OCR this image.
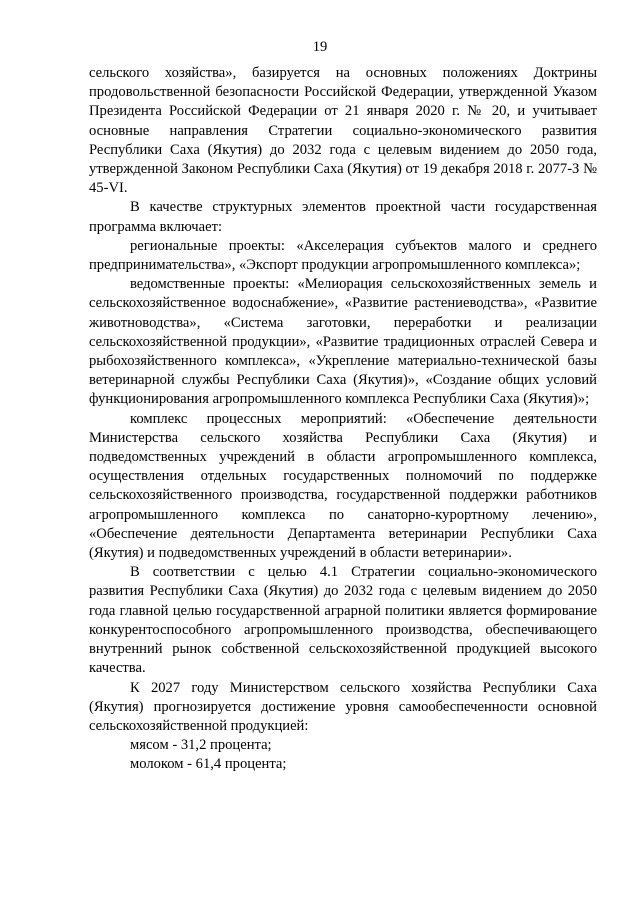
19

сельского хозяйства», базируется на основных положениях Доктрины продовольственной безопасности Российской Федерации, утвержденной Указом Президента Российской Федерации от 21 января 2020 г. № 20, и учитывает основные направления Стратегии социально-экономического развития Республики Саха (Якутия) до 2032 года с целевым видением до 2050 года, утвержденной Законом Республики Саха (Якутия) от 19 декабря 2018 г. 2077-З № 45-VI.

В качестве структурных элементов проектной части государственная программа включает:

региональные проекты: «Акселерация субъектов малого и среднего предпринимательства», «Экспорт продукции агропромышленного комплекса»;

ведомственные проекты: «Мелиорация сельскохозяйственных земель и сельскохозяйственное водоснабжение», «Развитие растениеводства», «Развитие животноводства», «Система заготовки, переработки и реализации сельскохозяйственной продукции», «Развитие традиционных отраслей Севера и рыбохозяйственного комплекса», «Укрепление материально-технической базы ветеринарной службы Республики Саха (Якутия)», «Создание общих условий функционирования агропромышленного комплекса Республики Саха (Якутия)»;

комплекс процессных мероприятий: «Обеспечение деятельности Министерства сельского хозяйства Республики Саха (Якутия) и подведомственных учреждений в области агропромышленного комплекса, осуществления отдельных государственных полномочий по поддержке сельскохозяйственного производства, государственной поддержки работников агропромышленного комплекса по санаторно-курортному лечению», «Обеспечение деятельности Департамента ветеринарии Республики Саха (Якутия) и подведомственных учреждений в области ветеринарии».

В соответствии с целью 4.1 Стратегии социально-экономического развития Республики Саха (Якутия) до 2032 года с целевым видением до 2050 года главной целью государственной аграрной политики является формирование конкурентоспособного агропромышленного производства, обеспечивающего внутренний рынок собственной сельскохозяйственной продукцией высокого качества.

К 2027 году Министерством сельского хозяйства Республики Саха (Якутия) прогнозируется достижение уровня самообеспеченности основной сельскохозяйственной продукцией:

мясом - 31,2 процента;

молоком - 61,4 процента;
